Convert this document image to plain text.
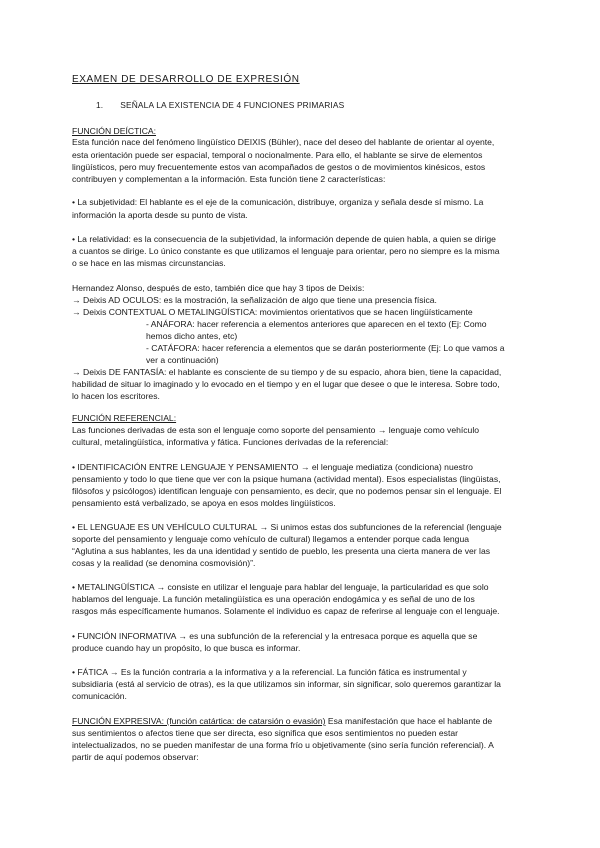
EXAMEN DE DESARROLLO DE EXPRESIÓN
1. SEÑALA LA EXISTENCIA DE 4 FUNCIONES PRIMARIAS
FUNCIÓN DEÍCTICA:
Esta función nace del fenómeno lingüístico DEIXIS (Bühler), nace del deseo del hablante de orientar al oyente,
esta orientación puede ser espacial, temporal o nocionalmente. Para ello, el hablante se sirve de elementos
lingüísticos, pero muy frecuentemente estos van acompañados de gestos o de movimientos kinésicos, estos
contribuyen y complementan a la información. Esta función tiene 2 características:
• La subjetividad: El hablante es el eje de la comunicación, distribuye, organiza y señala desde sí mismo. La
información la aporta desde su punto de vista.
• La relatividad: es la consecuencia de la subjetividad, la información depende de quien habla, a quien se dirige
a cuantos se dirige. Lo único constante es que utilizamos el lenguaje para orientar, pero no siempre es la misma
o se hace en las mismas circunstancias.
Hernandez Alonso, después de esto, también dice que hay 3 tipos de Deixis:
→ Deixis AD OCULOS: es la mostración, la señalización de algo que tiene una presencia física.
→ Deixis CONTEXTUAL O METALINGÜÍSTICA: movimientos orientativos que se hacen lingüísticamente
- ANÁFORA: hacer referencia a elementos anteriores que aparecen en el texto (Ej: Como
hemos dicho antes, etc)
- CATÁFORA: hacer referencia a elementos que se darán posteriormente (Ej: Lo que vamos a
ver a continuación)
→ Deixis DE FANTASÍA: el hablante es consciente de su tiempo y de su espacio, ahora bien, tiene la capacidad,
habilidad de situar lo imaginado y lo evocado en el tiempo y en el lugar que desee o que le interesa. Sobre todo,
lo hacen los escritores.
FUNCIÓN REFERENCIAL:
Las funciones derivadas de esta son el lenguaje como soporte del pensamiento → lenguaje como vehículo
cultural, metalingüística, informativa y fática. Funciones derivadas de la referencial:
• IDENTIFICACIÓN ENTRE LENGUAJE Y PENSAMIENTO → el lenguaje mediatiza (condiciona) nuestro
pensamiento y todo lo que tiene que ver con la psique humana (actividad mental). Esos especialistas (lingüistas,
filósofos y psicólogos) identifican lenguaje con pensamiento, es decir, que no podemos pensar sin el lenguaje. El
pensamiento está verbalizado, se apoya en esos moldes lingüísticos.
• EL LENGUAJE ES UN VEHÍCULO CULTURAL → Si unimos estas dos subfunciones de la referencial (lenguaje
soporte del pensamiento y lenguaje como vehículo de cultural) llegamos a entender porque cada lengua
“Aglutina a sus hablantes, les da una identidad y sentido de pueblo, les presenta una cierta manera de ver las
cosas y la realidad (se denomina cosmovisión)”.
• METALINGÜÍSTICA → consiste en utilizar el lenguaje para hablar del lenguaje, la particularidad es que solo
hablamos del lenguaje. La función metalingüística es una operación endogámica y es señal de uno de los
rasgos más específicamente humanos. Solamente el individuo es capaz de referirse al lenguaje con el lenguaje.
• FUNCIÓN INFORMATIVA → es una subfunción de la referencial y la entresaca porque es aquella que se
produce cuando hay un propósito, lo que busca es informar.
• FÁTICA → Es la función contraria a la informativa y a la referencial. La función fática es instrumental y
subsidiaria (está al servicio de otras), es la que utilizamos sin informar, sin significar, solo queremos garantizar la
comunicación.
FUNCIÓN EXPRESIVA: (función catártica: de catarsión o evasión) Esa manifestación que hace el hablante de
sus sentimientos o afectos tiene que ser directa, eso significa que esos sentimientos no pueden estar
intelectualizados, no se pueden manifestar de una forma frío u objetivamente (sino sería función referencial). A
partir de aquí podemos observar:
